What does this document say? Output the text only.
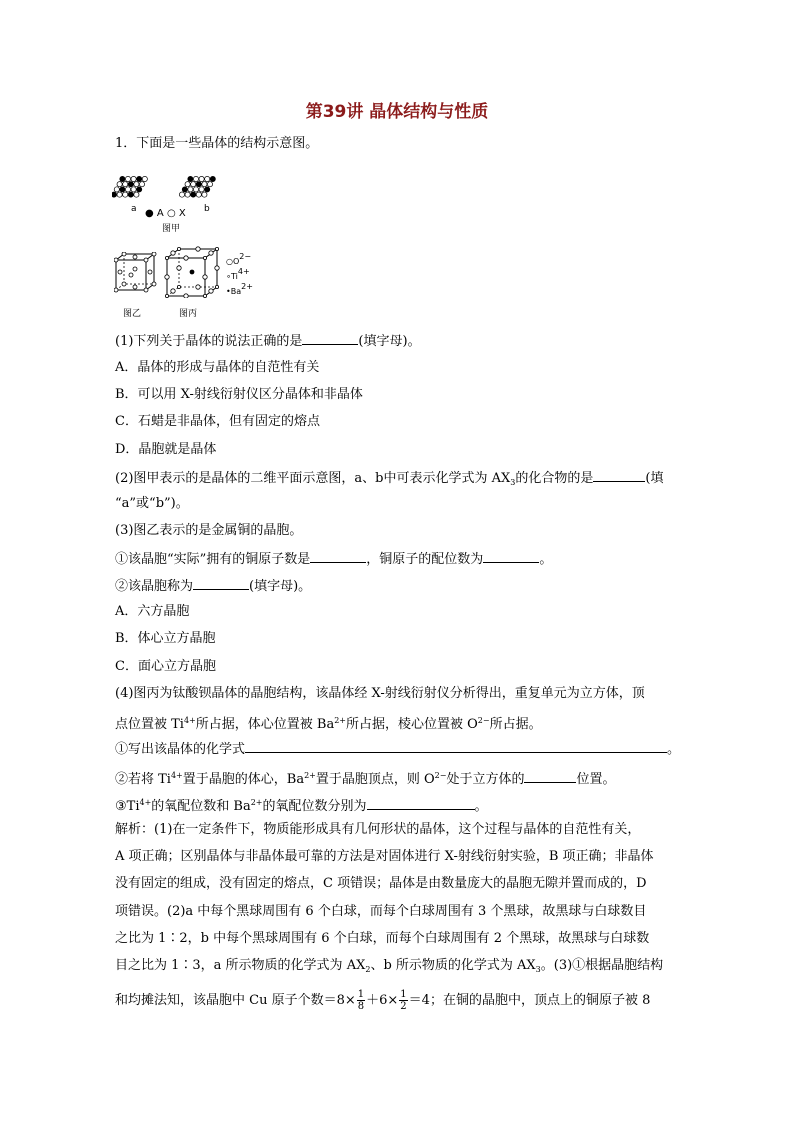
第39讲 晶体结构与性质
1．下面是一些晶体的结构示意图。
a	b
● A ○ X
图甲
图乙
○O2−
∘Ti4+
•Ba2+
图丙
(1)下列关于晶体的说法正确的是	(填字母)。
A．晶体的形成与晶体的自范性有关
B．可以用 X-射线衍射仪区分晶体和非晶体
C．石蜡是非晶体，但有固定的熔点
D．晶胞就是晶体
(2)图甲表示的是晶体的二维平面示意图，a、b中可表示化学式为 $AX_3$的化合物的是	(填
“a”或“b”)。
(3)图乙表示的是金属铜的晶胞。
①该晶胞“实际”拥有的铜原子数是	，铜原子的配位数为	。
②该晶胞称为	(填字母)。
A．六方晶胞
B．体心立方晶胞
C．面心立方晶胞
(4)图丙为钛酸钡晶体的晶胞结构，该晶体经 X-射线衍射仪分析得出，重复单元为立方体，顶
点位置被 $Ti^{4+}$所占据，体心位置被 $Ba^{2+}$所占据，棱心位置被 $O^{2-}$所占据。
①写出该晶体的化学式	。
②若将 $Ti^{4+}$置于晶胞的体心，$Ba^{2+}$置于晶胞顶点，则 $O^{2-}$处于立方体的	位置。
$③Ti^{4+}$的氧配位数和 $Ba^{2+}$的氧配位数分别为	。
解析：(1)在一定条件下，物质能形成具有几何形状的晶体，这个过程与晶体的自范性有关，
A 项正确；区别晶体与非晶体最可靠的方法是对固体进行 X-射线衍射实验，B 项正确；非晶体
没有固定的组成，没有固定的熔点，C 项错误；晶体是由数量庞大的晶胞无隙并置而成的，D
项错误。(2)a 中每个黑球周围有 6 个白球，而每个白球周围有 3 个黑球，故黑球与白球数目
之比为 1∶2，b 中每个黑球周围有 6 个白球，而每个白球周围有 2 个黑球，故黑球与白球数
目之比为 1∶3，a 所示物质的化学式为 $AX_2$、b 所示物质的化学式为 $AX_3$。(3)①根据晶胞结构
和均摊法知，该晶胞中 Cu 原子个数$=8\times \frac{1}{8} +6\times \frac{1}{2} =4$；在铜的晶胞中，顶点上的铜原子被 8
